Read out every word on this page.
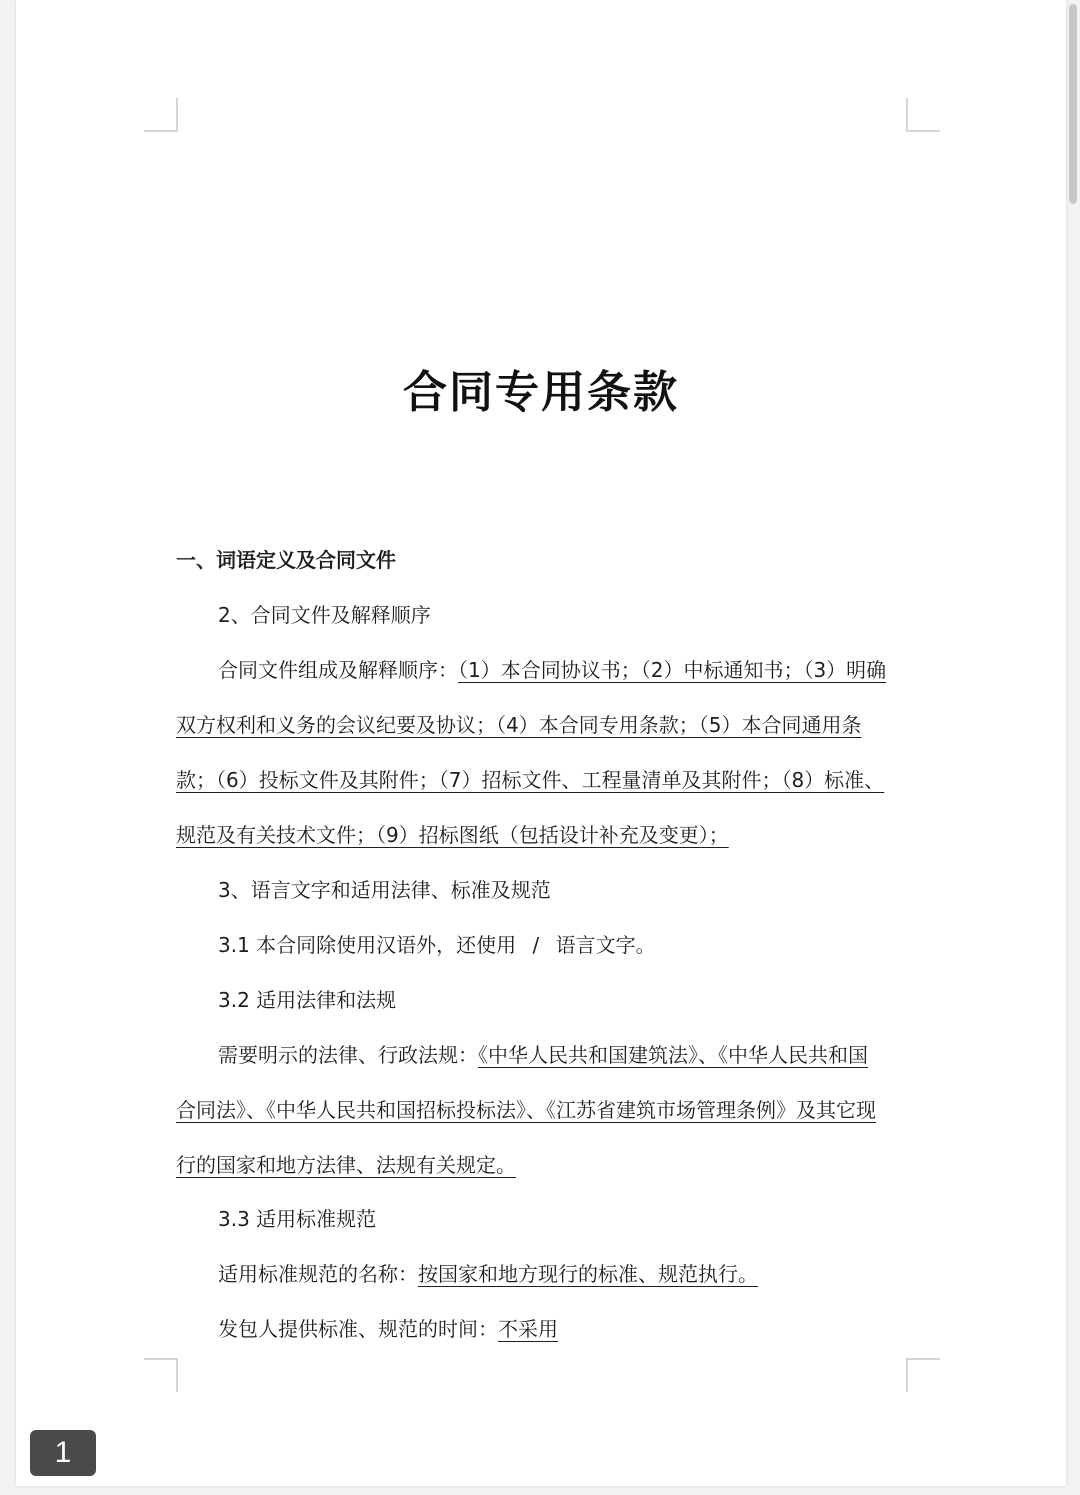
合同专用条款
一、词语定义及合同文件
2、合同文件及解释顺序
合同文件组成及解释顺序：（1）本合同协议书；（2）中标通知书；（3）明确
双方权利和义务的会议纪要及协议；（4）本合同专用条款；（5）本合同通用条
款；（6）投标文件及其附件；（7）招标文件、工程量清单及其附件；（8）标准、
规范及有关技术文件；（9）招标图纸（包括设计补充及变更）；
3、语言文字和适用法律、标准及规范
3.1 本合同除使用汉语外，还使用 / 语言文字。
3.2 适用法律和法规
需要明示的法律、行政法规：《中华人民共和国建筑法》、《中华人民共和国
合同法》、《中华人民共和国招标投标法》、《江苏省建筑市场管理条例》及其它现
行的国家和地方法律、法规有关规定。
3.3 适用标准规范
适用标准规范的名称：按国家和地方现行的标准、规范执行。
发包人提供标准、规范的时间：不采用
1
